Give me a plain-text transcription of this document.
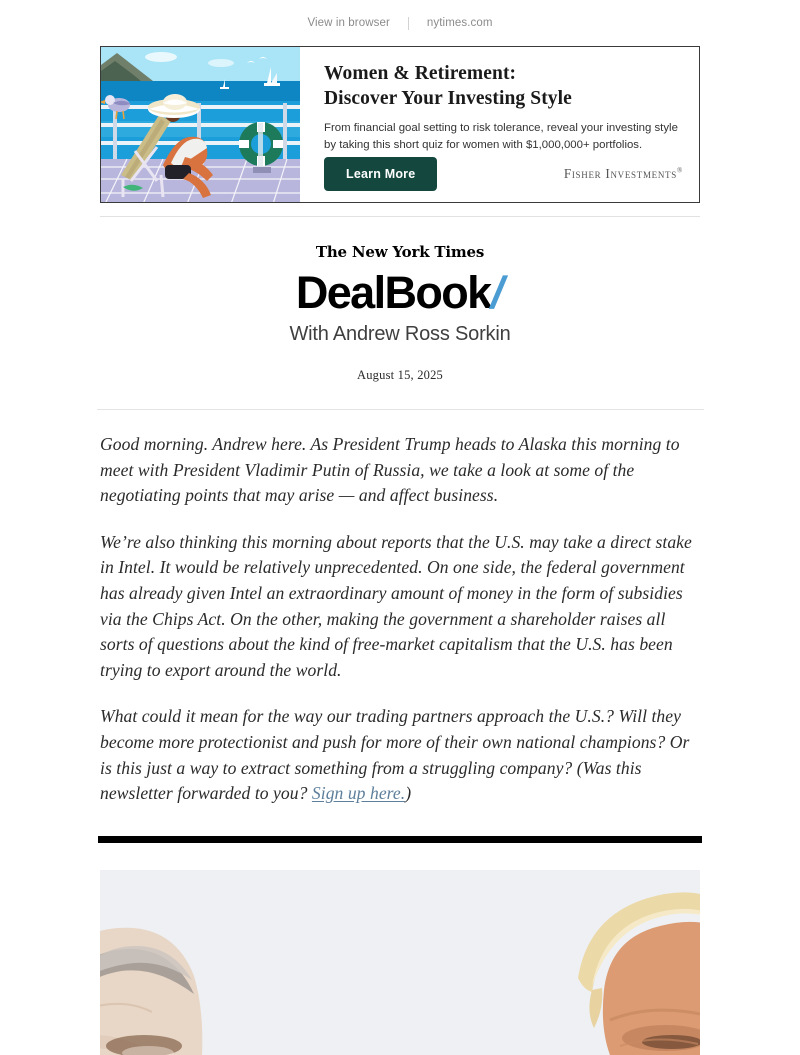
View in browser	nytimes.com
Women & Retirement:
Discover Your Investing Style
From financial goal setting to risk tolerance, reveal your investing style by taking this short quiz for women with $1,000,000+ portfolios.
Learn More	Fisher Investments®
The New York Times
DealBook/
With Andrew Ross Sorkin
August 15, 2025

Good morning. Andrew here. As President Trump heads to Alaska this morning to meet with President Vladimir Putin of Russia, we take a look at some of the negotiating points that may arise — and affect business.

We’re also thinking this morning about reports that the U.S. may take a direct stake in Intel. It would be relatively unprecedented. On one side, the federal government has already given Intel an extraordinary amount of money in the form of subsidies via the Chips Act. On the other, making the government a shareholder raises all sorts of questions about the kind of free-market capitalism that the U.S. has been trying to export around the world.

What could it mean for the way our trading partners approach the U.S.? Will they become more protectionist and push for more of their own national champions? Or is this just a way to extract something from a struggling company? (Was this newsletter forwarded to you? Sign up here.)
